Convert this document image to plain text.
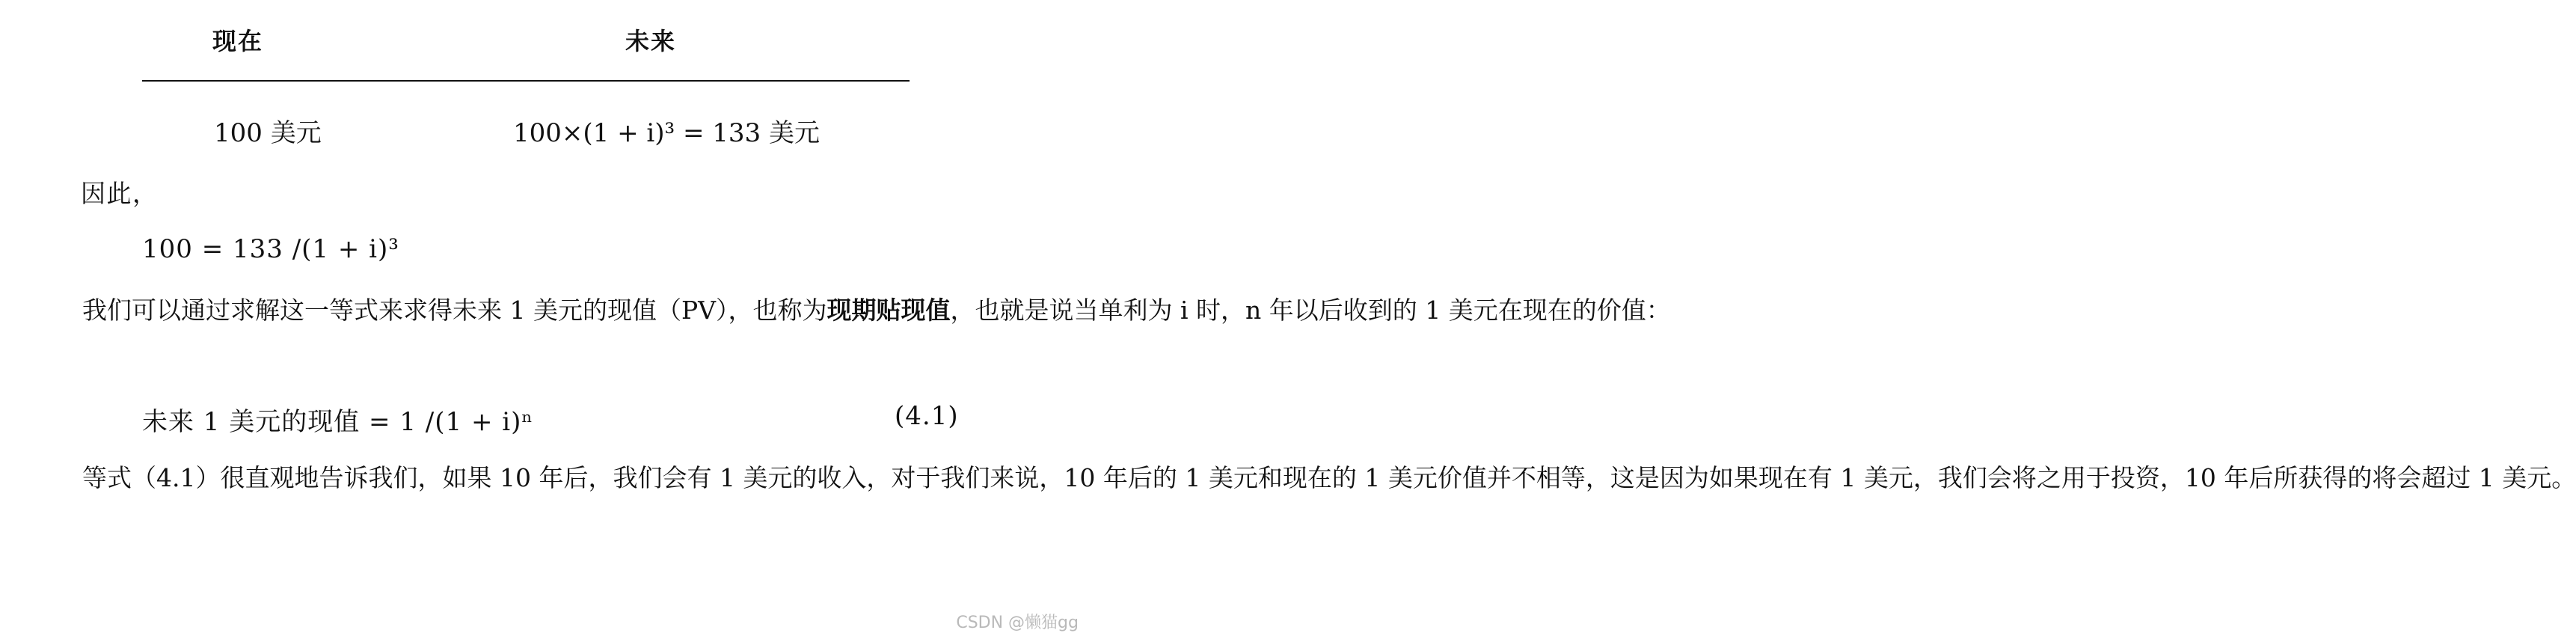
现在	未来
100 美元	100×(1 + i)³ = 133 美元
因此，
100 = 133 /(1 + i)³
我们可以通过求解这一等式来求得未来 1 美元的现值（PV），也称为现期贴现值，也就是说当单利为 i 时，n 年以后收到的 1 美元在现在的价值：
未来 1 美元的现值 = 1 /(1 + i)ⁿ	(4.1)
等式（4.1）很直观地告诉我们，如果 10 年后，我们会有 1 美元的收入，对于我们来说，10 年后的 1 美元和现在的 1 美元价值并不相等，这是因为如果现在有 1 美元，我们会将之用于投资，10 年后所获得的将会超过 1 美元。
CSDN @懒猫gg
